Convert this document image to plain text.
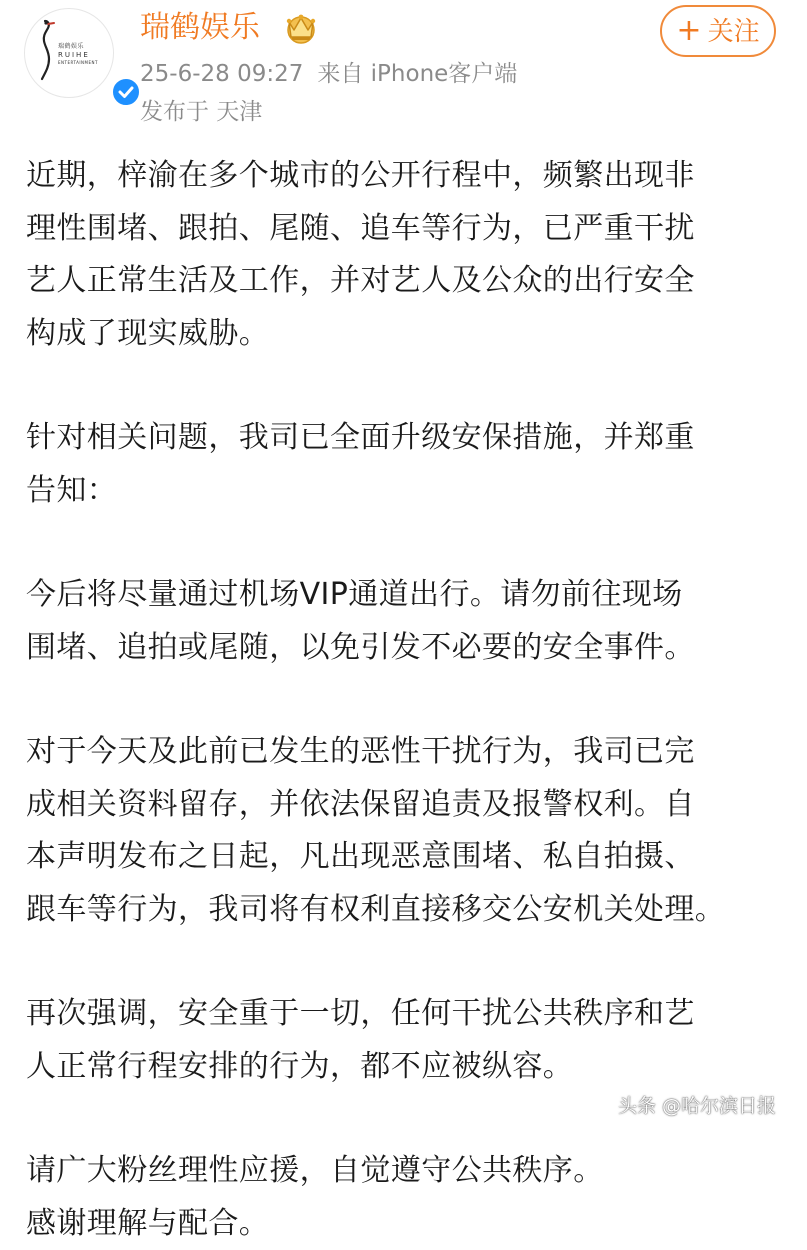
瑞鹤娱乐
RUIHE
ENTERTAINMENT
瑞鹤娱乐
25-6-28 09:27 来自 iPhone客户端
发布于 天津
+ 关注
近期，梓渝在多个城市的公开行程中，频繁出现非
理性围堵、跟拍、尾随、追车等行为，已严重干扰
艺人正常生活及工作，并对艺人及公众的出行安全
构成了现实威胁。
针对相关问题，我司已全面升级安保措施，并郑重
告知：
今后将尽量通过机场VIP通道出行。请勿前往现场
围堵、追拍或尾随，以免引发不必要的安全事件。
对于今天及此前已发生的恶性干扰行为，我司已完
成相关资料留存，并依法保留追责及报警权利。自
本声明发布之日起，凡出现恶意围堵、私自拍摄、
跟车等行为，我司将有权利直接移交公安机关处理。
再次强调，安全重于一切，任何干扰公共秩序和艺
人正常行程安排的行为，都不应被纵容。
请广大粉丝理性应援，自觉遵守公共秩序。
感谢理解与配合。
头条 @哈尔滨日报
